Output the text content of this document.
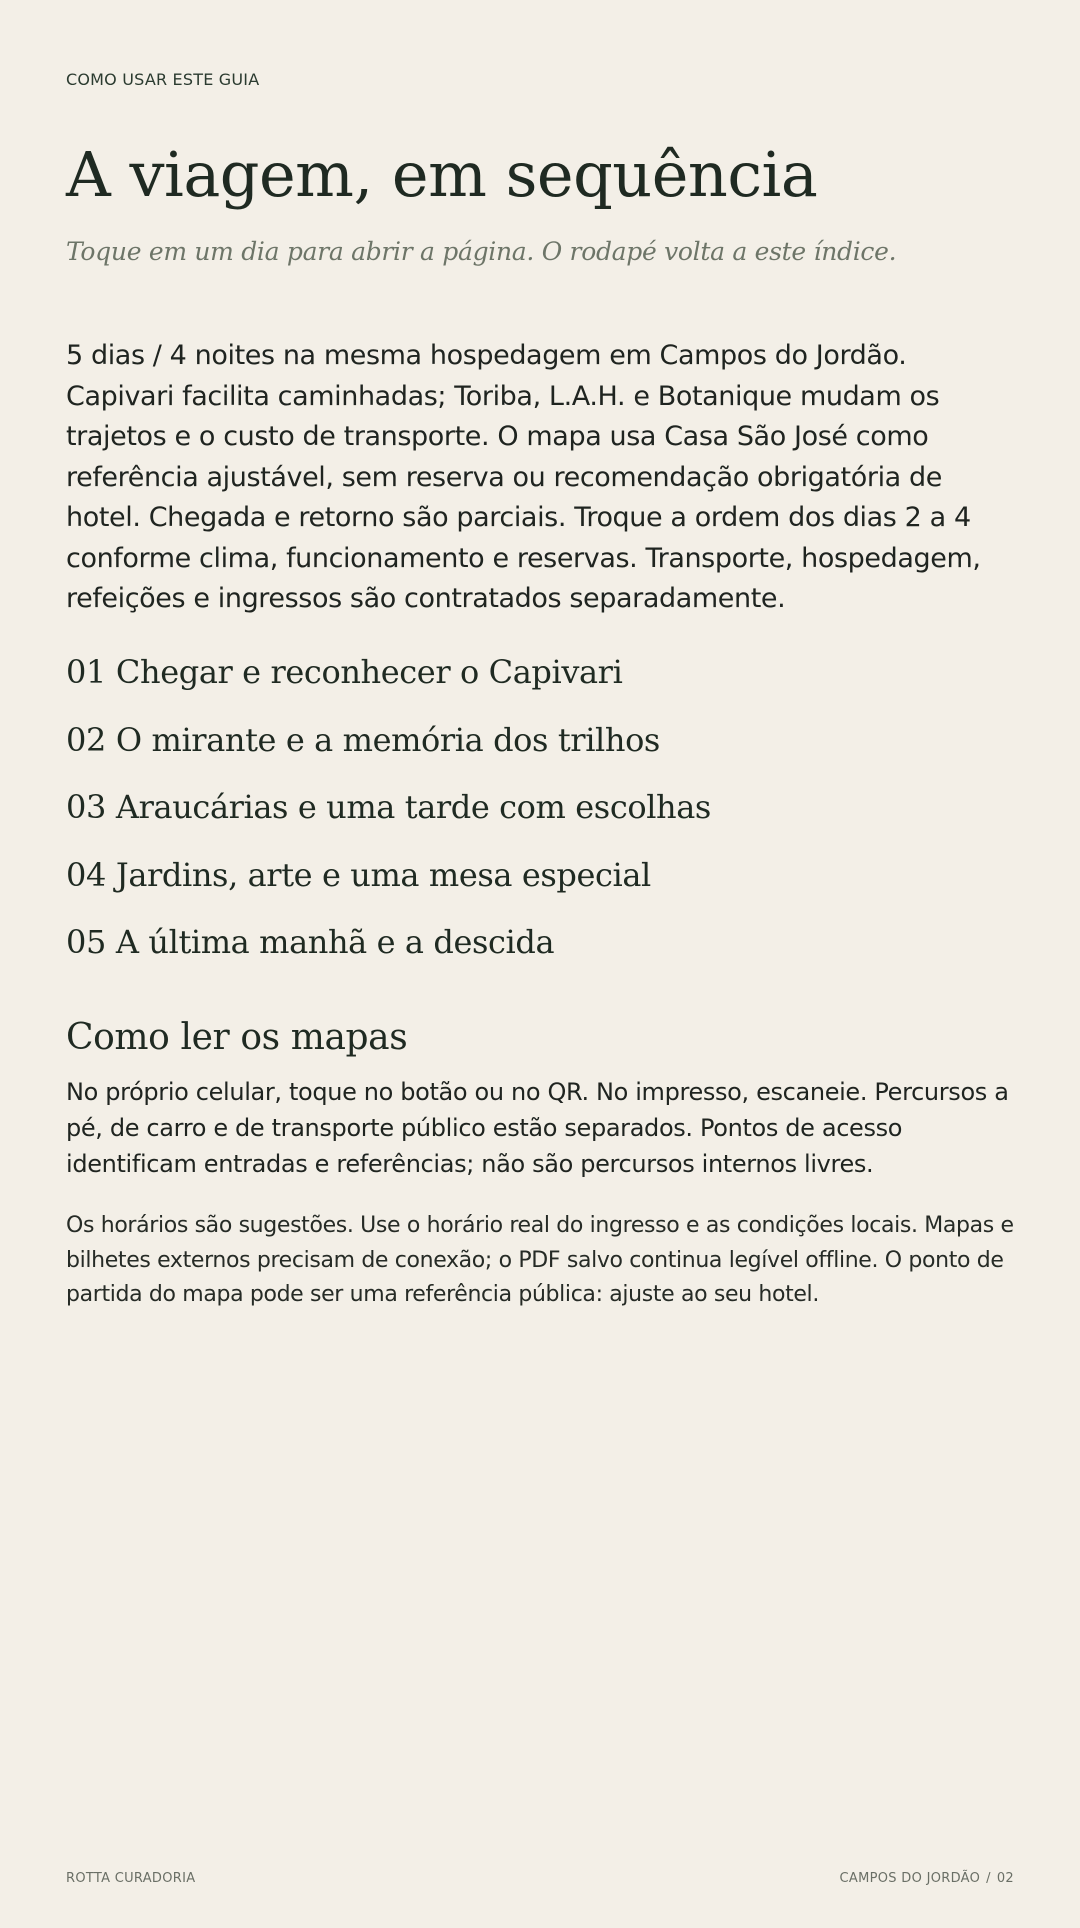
COMO USAR ESTE GUIA
A viagem, em sequência

Toque em um dia para abrir a página. O rodapé volta a este índice.

5 dias / 4 noites na mesma hospedagem em Campos do Jordão. Capivari facilita caminhadas; Toriba, L.A.H. e Botanique mudam os trajetos e o custo de transporte. O mapa usa Casa São José como referência ajustável, sem reserva ou recomendação obrigatória de hotel. Chegada e retorno são parciais. Troque a ordem dos dias 2 a 4 conforme clima, funcionamento e reservas. Transporte, hospedagem, refeições e ingressos são contratados separadamente.

01 Chegar e reconhecer o Capivari
02 O mirante e a memória dos trilhos
03 Araucárias e uma tarde com escolhas
04 Jardins, arte e uma mesa especial
05 A última manhã e a descida
Como ler os mapas

No próprio celular, toque no botão ou no QR. No impresso, escaneie. Percursos a pé, de carro e de transporte público estão separados. Pontos de acesso identificam entradas e referências; não são percursos internos livres.

Os horários são sugestões. Use o horário real do ingresso e as condições locais. Mapas e bilhetes externos precisam de conexão; o PDF salvo continua legível offline. O ponto de partida do mapa pode ser uma referência pública: ajuste ao seu hotel.

ROTTA CURADORIA	CAMPOS DO JORDÃO / 02
